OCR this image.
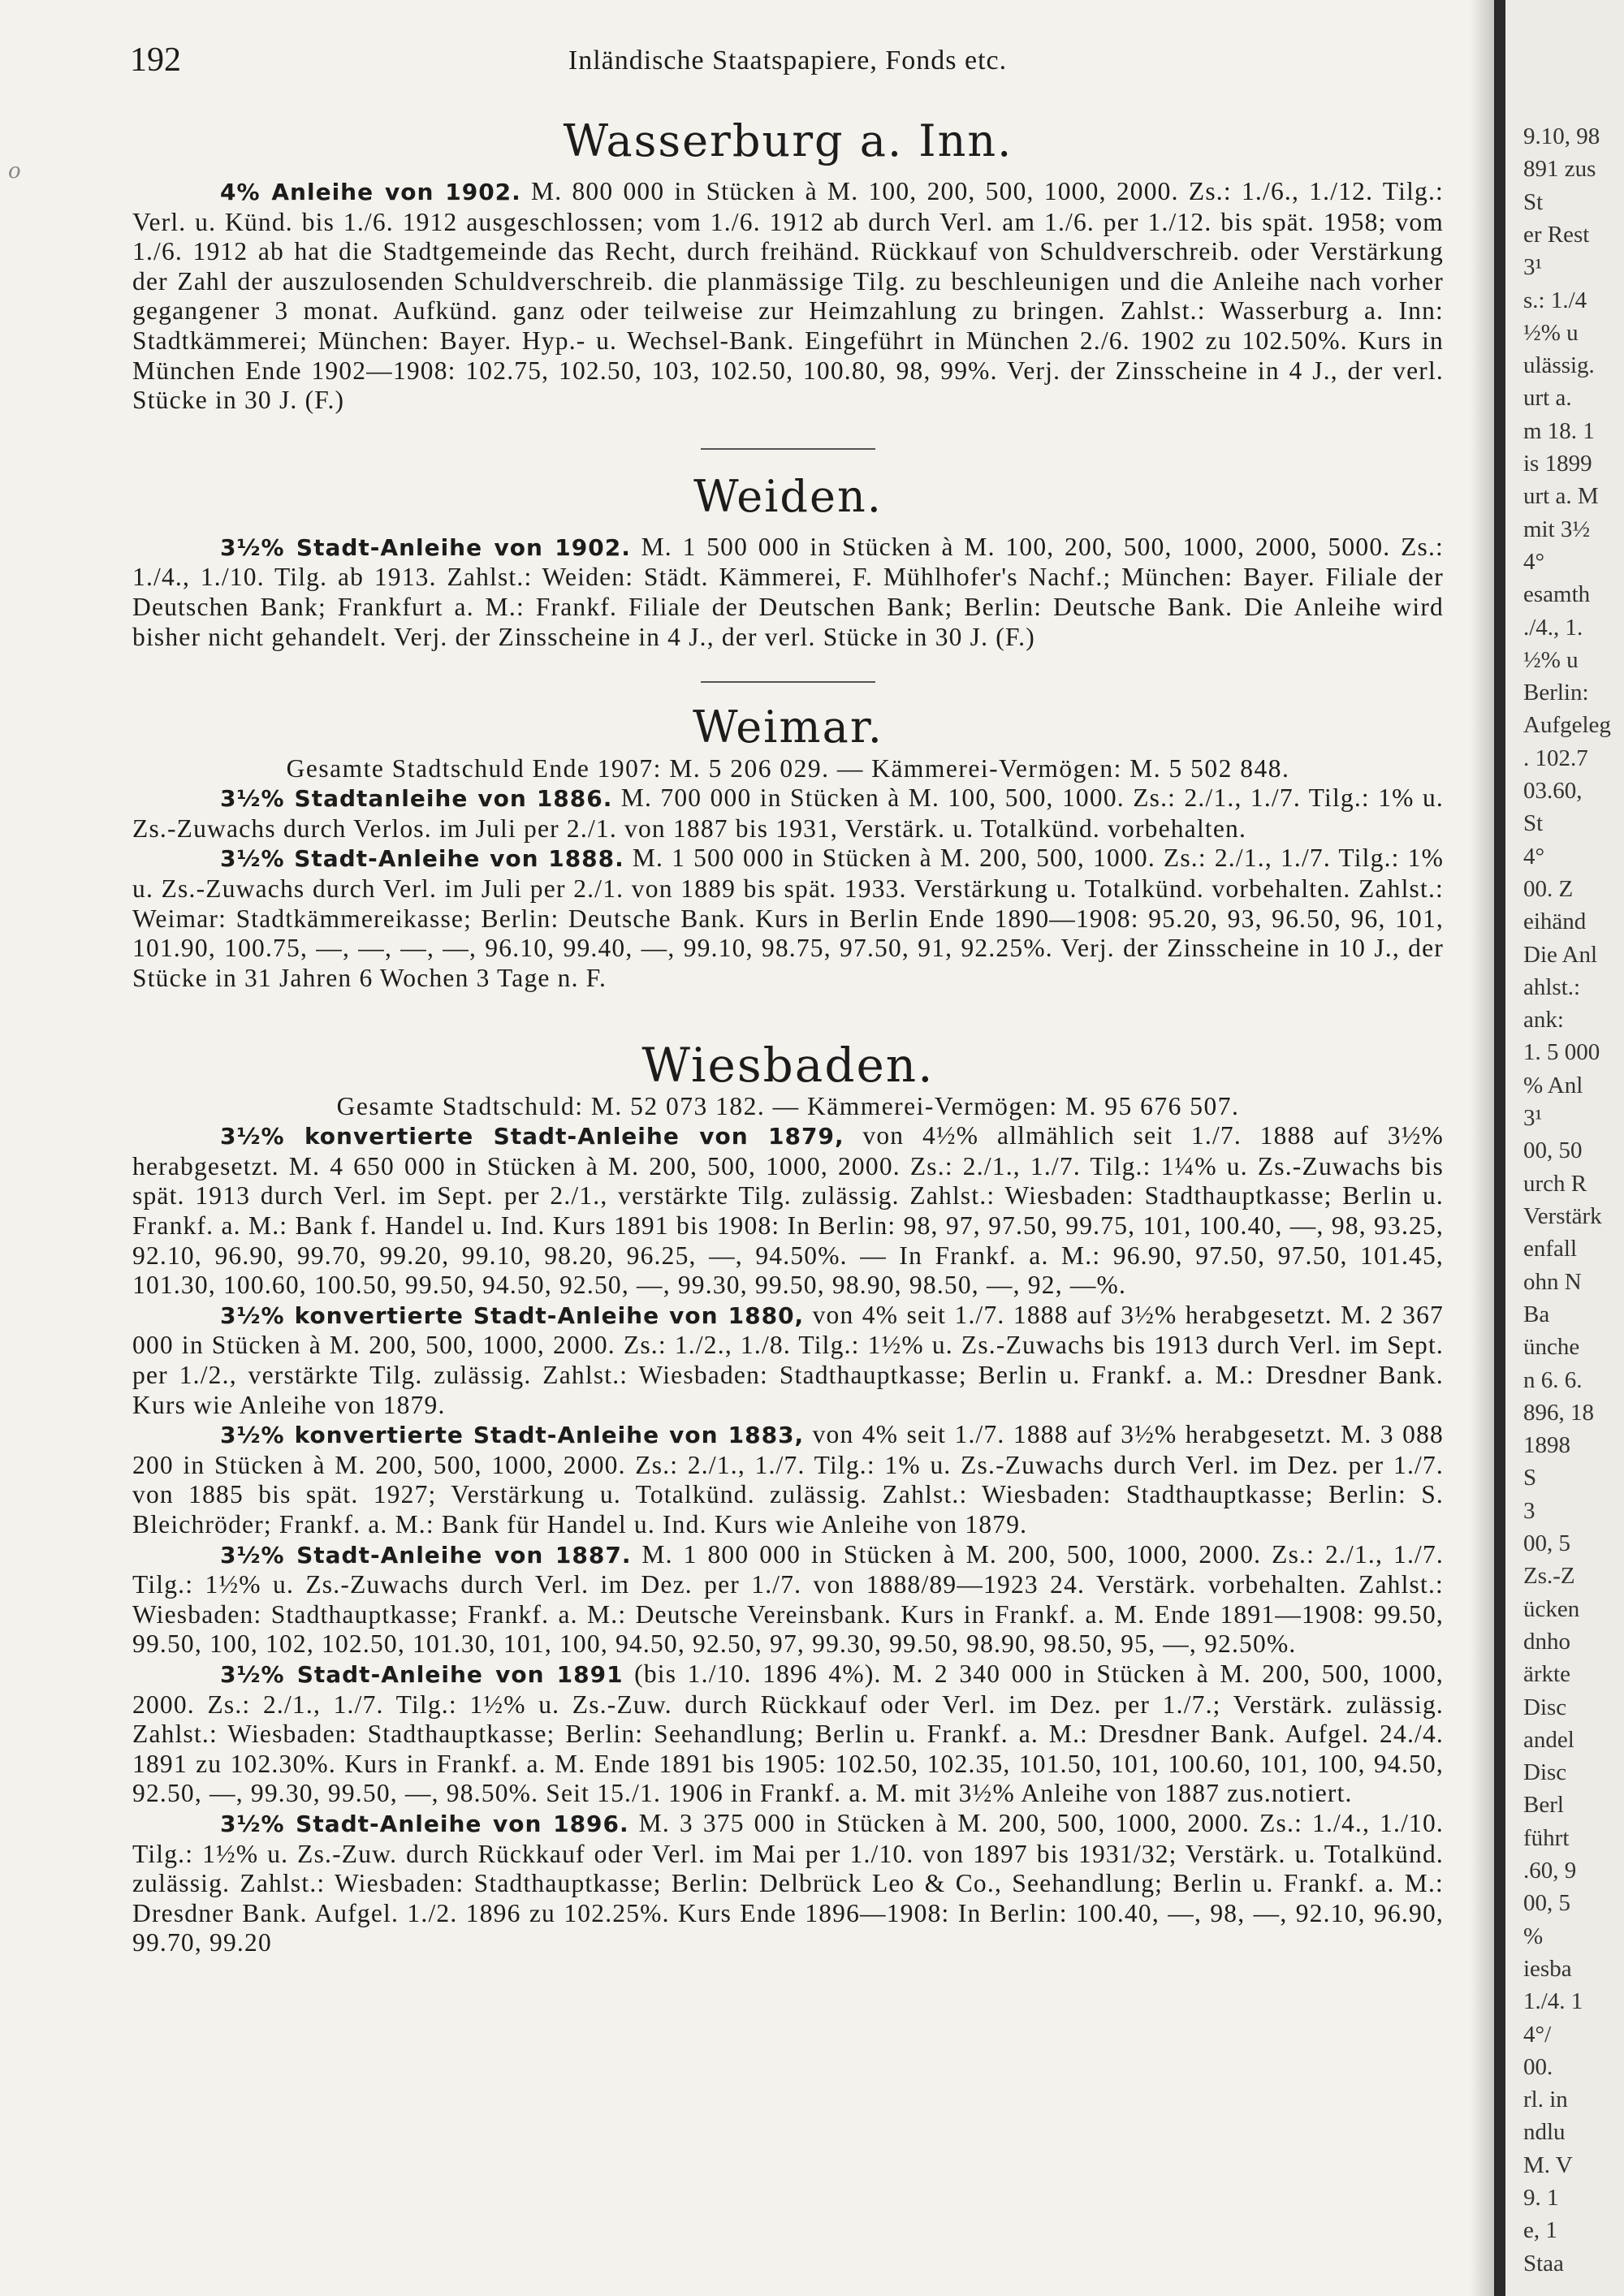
9.10, 98
891 zus
St
er Rest
3¹
s.: 1./4
½% u
ulässig.
urt a.
m 18. 1
is 1899
urt a. M
mit 3½
4°
esamth
./4., 1.
½% u
Berlin:
Aufgeleg
. 102.7
03.60,
St
4°
00. Z
eihänd
Die Anl
ahlst.:
ank:
1. 5 000
% Anl
3¹
00, 50
urch R
Verstärk
enfall
ohn N
Ba
ünche
n 6. 6.
896, 18
1898
S
3
00, 5
Zs.-Z
ücken
dnho
ärkte
Disc
andel
Disc
Berl
führt
.60, 9
00, 5
%
iesba
1./4. 1
4°/
00.
rl. in
ndlu
M. V
9. 1
e, 1
Staa
192	Inländische Staatspapiere, Fonds etc.
o
Wasserburg a. Inn.

4% Anleihe von 1902. M. 800 000 in Stücken à M. 100, 200, 500, 1000, 2000. Zs.: 1./6., 1./12. Tilg.: Verl. u. Künd. bis 1./6. 1912 ausgeschlossen; vom 1./6. 1912 ab durch Verl. am 1./6. per 1./12. bis spät. 1958; vom 1./6. 1912 ab hat die Stadtgemeinde das Recht, durch freihänd. Rückkauf von Schuldverschreib. oder Verstärkung der Zahl der auszulosenden Schuldverschreib. die planmässige Tilg. zu beschleunigen und die Anleihe nach vorher gegangener 3 monat. Aufkünd. ganz oder teilweise zur Heimzahlung zu bringen. Zahlst.: Wasserburg a. Inn: Stadtkämmerei; München: Bayer. Hyp.- u. Wechsel-Bank. Eingeführt in München 2./6. 1902 zu 102.50%. Kurs in München Ende 1902—1908: 102.75, 102.50, 103, 102.50, 100.80, 98, 99%. Verj. der Zinsscheine in 4 J., der verl. Stücke in 30 J. (F.)

Weiden.

3½% Stadt-Anleihe von 1902. M. 1 500 000 in Stücken à M. 100, 200, 500, 1000, 2000, 5000. Zs.: 1./4., 1./10. Tilg. ab 1913. Zahlst.: Weiden: Städt. Kämmerei, F. Mühlhofer's Nachf.; München: Bayer. Filiale der Deutschen Bank; Frankfurt a. M.: Frankf. Filiale der Deutschen Bank; Berlin: Deutsche Bank. Die Anleihe wird bisher nicht gehandelt. Verj. der Zinsscheine in 4 J., der verl. Stücke in 30 J. (F.)

Weimar.

Gesamte Stadtschuld Ende 1907: M. 5 206 029. — Kämmerei-Vermögen: M. 5 502 848.

3½% Stadtanleihe von 1886. M. 700 000 in Stücken à M. 100, 500, 1000. Zs.: 2./1., 1./7. Tilg.: 1% u. Zs.-Zuwachs durch Verlos. im Juli per 2./1. von 1887 bis 1931, Verstärk. u. Totalkünd. vorbehalten.

3½% Stadt-Anleihe von 1888. M. 1 500 000 in Stücken à M. 200, 500, 1000. Zs.: 2./1., 1./7. Tilg.: 1% u. Zs.-Zuwachs durch Verl. im Juli per 2./1. von 1889 bis spät. 1933. Verstärkung u. Totalkünd. vorbehalten. Zahlst.: Weimar: Stadtkämmereikasse; Berlin: Deutsche Bank. Kurs in Berlin Ende 1890—1908: 95.20, 93, 96.50, 96, 101, 101.90, 100.75, —, —, —, —, 96.10, 99.40, —, 99.10, 98.75, 97.50, 91, 92.25%. Verj. der Zinsscheine in 10 J., der Stücke in 31 Jahren 6 Wochen 3 Tage n. F.

Wiesbaden.

Gesamte Stadtschuld: M. 52 073 182. — Kämmerei-Vermögen: M. 95 676 507.

3½% konvertierte Stadt-Anleihe von 1879, von 4½% allmählich seit 1./7. 1888 auf 3½% herabgesetzt. M. 4 650 000 in Stücken à M. 200, 500, 1000, 2000. Zs.: 2./1., 1./7. Tilg.: 1¼% u. Zs.-Zuwachs bis spät. 1913 durch Verl. im Sept. per 2./1., verstärkte Tilg. zulässig. Zahlst.: Wiesbaden: Stadthauptkasse; Berlin u. Frankf. a. M.: Bank f. Handel u. Ind. Kurs 1891 bis 1908: In Berlin: 98, 97, 97.50, 99.75, 101, 100.40, —, 98, 93.25, 92.10, 96.90, 99.70, 99.20, 99.10, 98.20, 96.25, —, 94.50%. — In Frankf. a. M.: 96.90, 97.50, 97.50, 101.45, 101.30, 100.60, 100.50, 99.50, 94.50, 92.50, —, 99.30, 99.50, 98.90, 98.50, —, 92, —%.

3½% konvertierte Stadt-Anleihe von 1880, von 4% seit 1./7. 1888 auf 3½% herabgesetzt. M. 2 367 000 in Stücken à M. 200, 500, 1000, 2000. Zs.: 1./2., 1./8. Tilg.: 1½% u. Zs.-Zuwachs bis 1913 durch Verl. im Sept. per 1./2., verstärkte Tilg. zulässig. Zahlst.: Wiesbaden: Stadthauptkasse; Berlin u. Frankf. a. M.: Dresdner Bank. Kurs wie Anleihe von 1879.

3½% konvertierte Stadt-Anleihe von 1883, von 4% seit 1./7. 1888 auf 3½% herabgesetzt. M. 3 088 200 in Stücken à M. 200, 500, 1000, 2000. Zs.: 2./1., 1./7. Tilg.: 1% u. Zs.-Zuwachs durch Verl. im Dez. per 1./7. von 1885 bis spät. 1927; Verstärkung u. Totalkünd. zulässig. Zahlst.: Wiesbaden: Stadthauptkasse; Berlin: S. Bleichröder; Frankf. a. M.: Bank für Handel u. Ind. Kurs wie Anleihe von 1879.

3½% Stadt-Anleihe von 1887. M. 1 800 000 in Stücken à M. 200, 500, 1000, 2000. Zs.: 2./1., 1./7. Tilg.: 1½% u. Zs.-Zuwachs durch Verl. im Dez. per 1./7. von 1888/89—1923 24. Verstärk. vorbehalten. Zahlst.: Wiesbaden: Stadthauptkasse; Frankf. a. M.: Deutsche Vereinsbank. Kurs in Frankf. a. M. Ende 1891—1908: 99.50, 99.50, 100, 102, 102.50, 101.30, 101, 100, 94.50, 92.50, 97, 99.30, 99.50, 98.90, 98.50, 95, —, 92.50%.

3½% Stadt-Anleihe von 1891 (bis 1./10. 1896 4%). M. 2 340 000 in Stücken à M. 200, 500, 1000, 2000. Zs.: 2./1., 1./7. Tilg.: 1½% u. Zs.-Zuw. durch Rückkauf oder Verl. im Dez. per 1./7.; Verstärk. zulässig. Zahlst.: Wiesbaden: Stadthauptkasse; Berlin: Seehandlung; Berlin u. Frankf. a. M.: Dresdner Bank. Aufgel. 24./4. 1891 zu 102.30%. Kurs in Frankf. a. M. Ende 1891 bis 1905: 102.50, 102.35, 101.50, 101, 100.60, 101, 100, 94.50, 92.50, —, 99.30, 99.50, —, 98.50%. Seit 15./1. 1906 in Frankf. a. M. mit 3½% Anleihe von 1887 zus.notiert.

3½% Stadt-Anleihe von 1896. M. 3 375 000 in Stücken à M. 200, 500, 1000, 2000. Zs.: 1./4., 1./10. Tilg.: 1½% u. Zs.-Zuw. durch Rückkauf oder Verl. im Mai per 1./10. von 1897 bis 1931/32; Verstärk. u. Totalkünd. zulässig. Zahlst.: Wiesbaden: Stadthauptkasse; Berlin: Delbrück Leo & Co., Seehandlung; Berlin u. Frankf. a. M.: Dresdner Bank. Aufgel. 1./2. 1896 zu 102.25%. Kurs Ende 1896—1908: In Berlin: 100.40, —, 98, —, 92.10, 96.90, 99.70, 99.20
